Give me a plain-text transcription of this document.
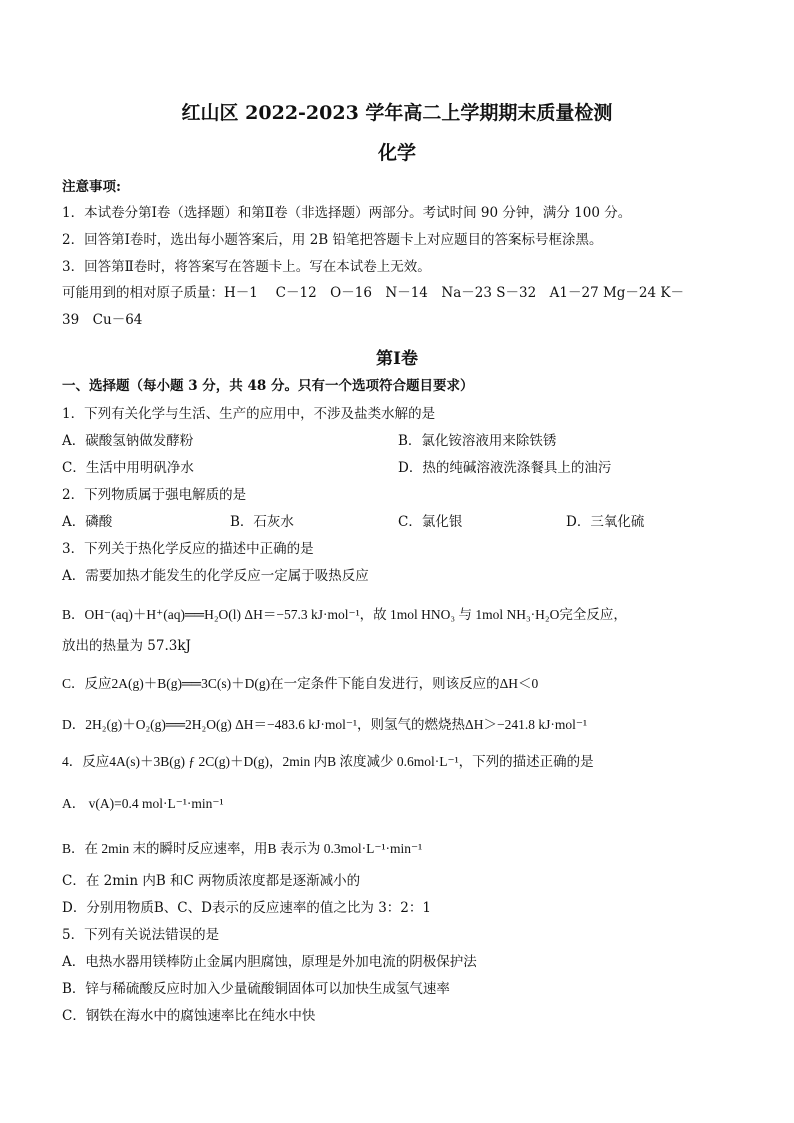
红山区 2022-2023 学年高二上学期期末质量检测
化学
注意事项:
1．本试卷分第Ⅰ卷（选择题）和第Ⅱ卷（非选择题）两部分。考试时间 90 分钟，满分 100 分。
2．回答第Ⅰ卷时，选出每小题答案后，用 2B 铅笔把答题卡上对应题目的答案标号框涂黑。
3．回答第Ⅱ卷时，将答案写在答题卡上。写在本试卷上无效。
可能用到的相对原子质量：H－1　 C－12　O－16　N－14　Na－23 S－32　A1－27 Mg－24 K－
39　Cu－64
第Ⅰ卷
一、选择题（每小题 3 分，共 48 分。只有一个选项符合题目要求）
1．下列有关化学与生活、生产的应用中，不涉及盐类水解的是
A．碳酸氢钠做发酵粉	B．氯化铵溶液用来除铁锈
C．生活中用明矾净水	D．热的纯碱溶液洗涤餐具上的油污
2．下列物质属于强电解质的是
A．磷酸	B．石灰水	C．氯化银	D．三氧化硫
3．下列关于热化学反应的描述中正确的是
A．需要加热才能发生的化学反应一定属于吸热反应
B．OH⁻(aq)＋H⁺(aq)══H₂O(l) ΔH＝−57.3 kJ·mol⁻¹，故 1mol HNO₃ 与 1mol NH₃·H₂O完全反应，
放出的热量为 57.3kJ
C．反应2A(g)＋B(g)══3C(s)＋D(g)在一定条件下能自发进行，则该反应的ΔH＜0
D．2H₂(g)＋O₂(g)══2H₂O(g) ΔH＝−483.6 kJ·mol⁻¹，则氢气的燃烧热ΔH＞−241.8 kJ·mol⁻¹
4．反应4A(s)＋3B(g) ƒ 2C(g)＋D(g)，2min 内B 浓度减少 0.6mol·L⁻¹，下列的描述正确的是
A． v(A)=0.4 mol·L⁻¹·min⁻¹
B．在 2min 末的瞬时反应速率，用B 表示为 0.3mol·L⁻¹·min⁻¹
C．在 2min 内B 和C 两物质浓度都是逐渐减小的
D．分别用物质B、C、D表示的反应速率的值之比为 3：2：1
5．下列有关说法错误的是
A．电热水器用镁棒防止金属内胆腐蚀，原理是外加电流的阴极保护法
B．锌与稀硫酸反应时加入少量硫酸铜固体可以加快生成氢气速率
C．钢铁在海水中的腐蚀速率比在纯水中快
